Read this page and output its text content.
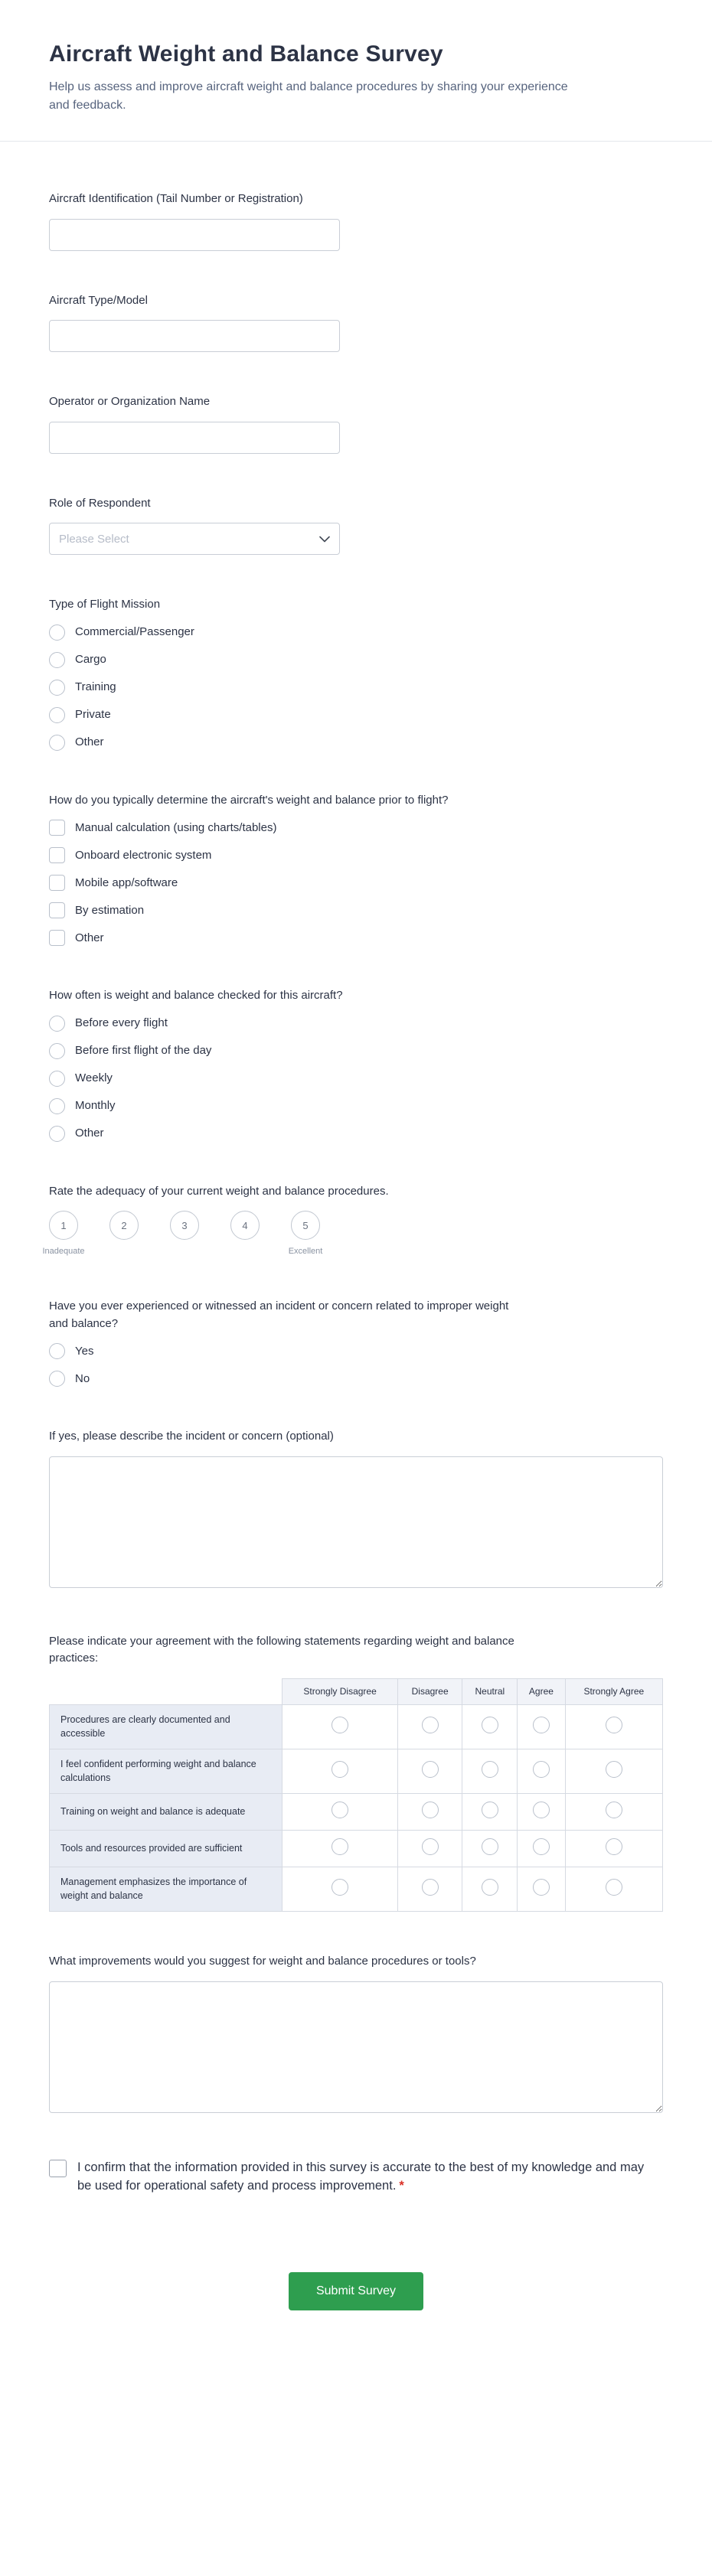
Aircraft Weight and Balance Survey
Help us assess and improve aircraft weight and balance procedures by sharing your experience and feedback.
Aircraft Identification (Tail Number or Registration)
Aircraft Type/Model
Operator or Organization Name
Role of Respondent
Please Select
Type of Flight Mission
Commercial/Passenger
Cargo
Training
Private
Other
How do you typically determine the aircraft's weight and balance prior to flight?
Manual calculation (using charts/tables)
Onboard electronic system
Mobile app/software
By estimation
Other
How often is weight and balance checked for this aircraft?
Before every flight
Before first flight of the day
Weekly
Monthly
Other
Rate the adequacy of your current weight and balance procedures.
1
Inadequate
2	3	4	5
Excellent
Have you ever experienced or witnessed an incident or concern related to improper weight and balance?
Yes
No
If yes, please describe the incident or concern (optional)
Please indicate your agreement with the following statements regarding weight and balance practices:
	Strongly Disagree	Disagree	Neutral	Agree	Strongly Agree
Procedures are clearly documented and accessible					
I feel confident performing weight and balance calculations					
Training on weight and balance is adequate					
Tools and resources provided are sufficient					
Management emphasizes the importance of weight and balance					
What improvements would you suggest for weight and balance procedures or tools?
I confirm that the information provided in this survey is accurate to the best of my knowledge and may be used for operational safety and process improvement. *
Submit Survey
